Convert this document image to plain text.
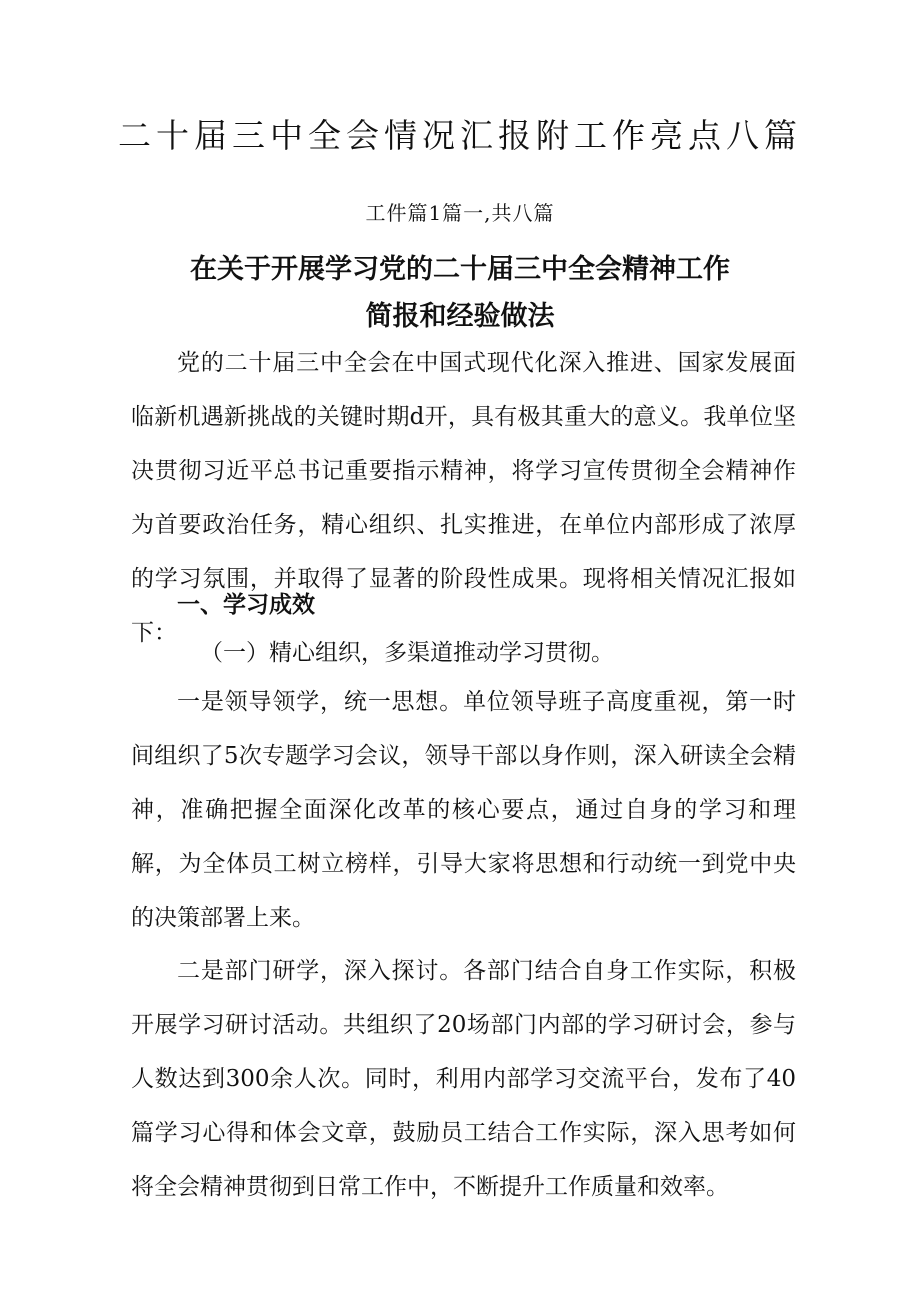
二十届三中全会情况汇报附工作亮点八篇
工件篇1篇一,共八篇
在关于开展学习党的二十届三中全会精神工作
简报和经验做法

党的二十届三中全会在中国式现代化深入推进、国家发展面临新机遇新挑战的关键时期d开，具有极其重大的意义。我单位坚决贯彻习近平总书记重要指示精神，将学习宣传贯彻全会精神作为首要政治任务，精心组织、扎实推进，在单位内部形成了浓厚的学习氛围，并取得了显著的阶段性成果。现将相关情况汇报如下：

一、学习成效
（一）精心组织，多渠道推动学习贯彻。

一是领导领学，统一思想。单位领导班子高度重视，第一时间组织了5次专题学习会议，领导干部以身作则，深入研读全会精神，准确把握全面深化改革的核心要点，通过自身的学习和理解，为全体员工树立榜样，引导大家将思想和行动统一到党中央的决策部署上来。

二是部门研学，深入探讨。各部门结合自身工作实际，积极开展学习研讨活动。共组织了20场部门内部的学习研讨会，参与人数达到300余人次。同时，利用内部学习交流平台，发布了40篇学习心得和体会文章，鼓励员工结合工作实际，深入思考如何将全会精神贯彻到日常工作中，不断提升工作质量和效率。
